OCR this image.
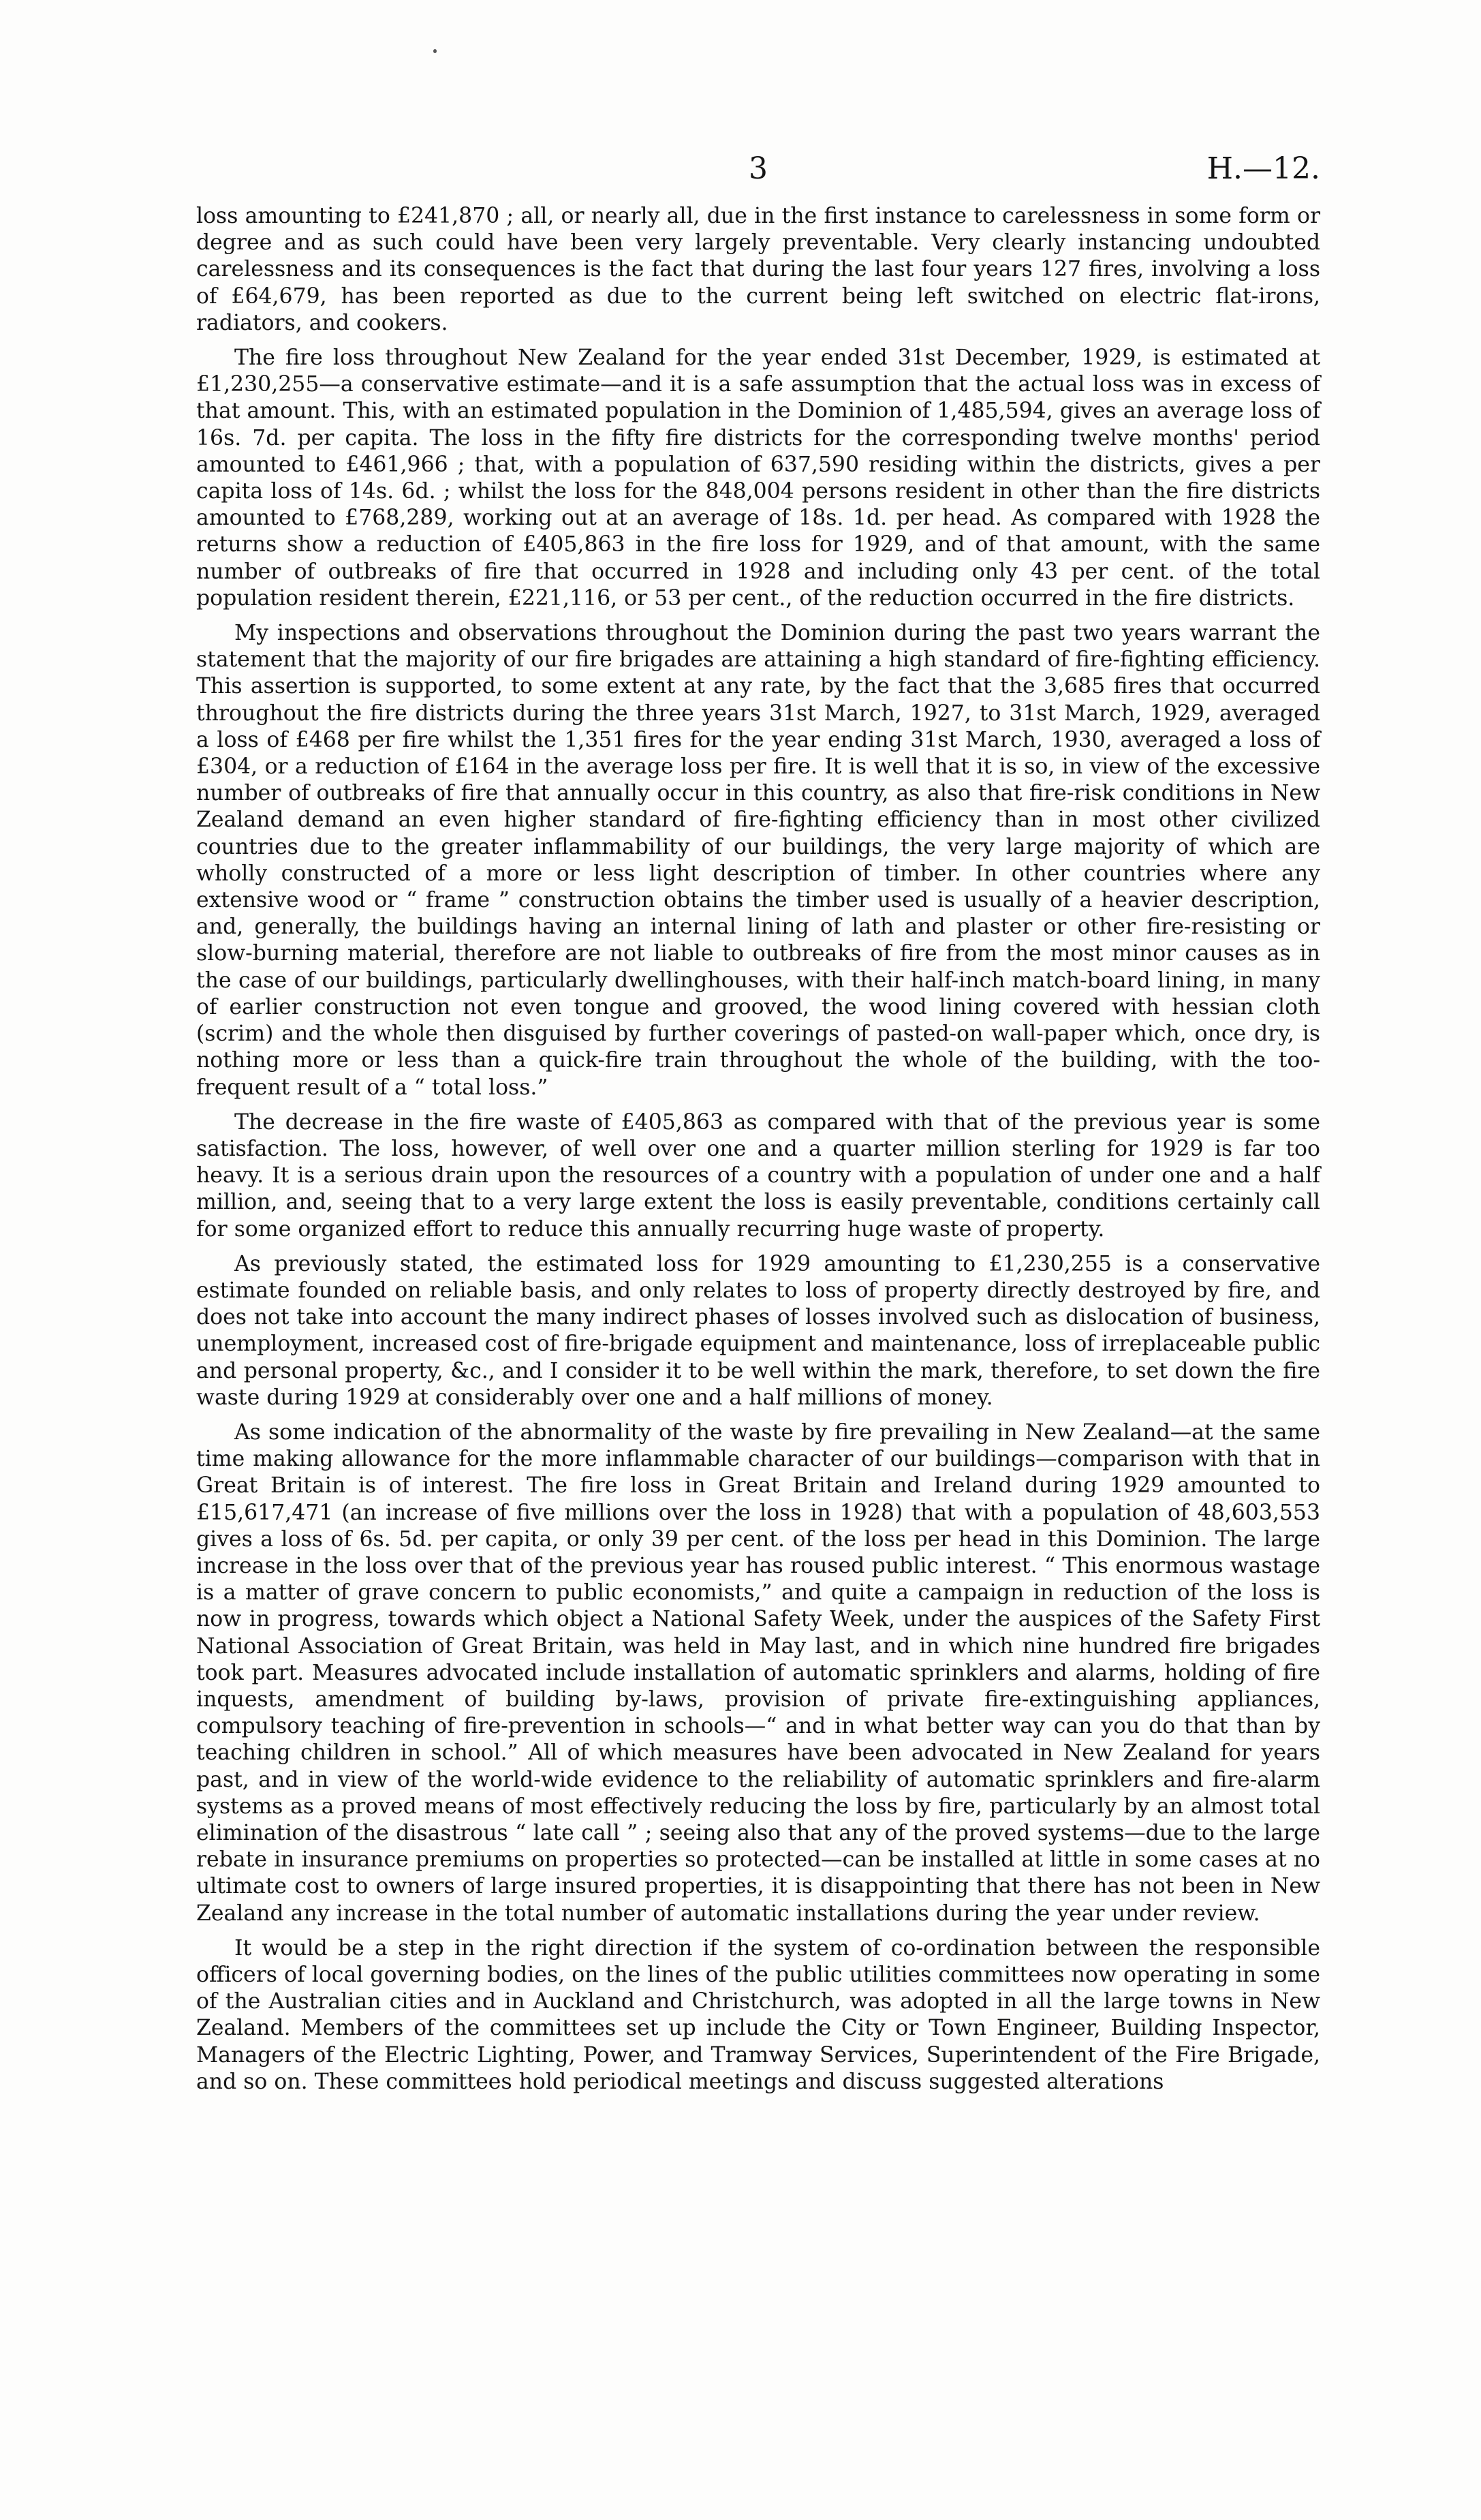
3	H.—12.

loss amounting to £241,870 ; all, or nearly all, due in the first instance to carelessness in some form or degree and as such could have been very largely preventable. Very clearly instancing undoubted carelessness and its consequences is the fact that during the last four years 127 fires, involving a loss of £64,679, has been reported as due to the current being left switched on electric flat-irons, radiators, and cookers.

The fire loss throughout New Zealand for the year ended 31st December, 1929, is estimated at £1,230,255—a conservative estimate—and it is a safe assumption that the actual loss was in excess of that amount. This, with an estimated population in the Dominion of 1,485,594, gives an average loss of 16s. 7d. per capita. The loss in the fifty fire districts for the corresponding twelve months' period amounted to £461,966 ; that, with a population of 637,590 residing within the districts, gives a per capita loss of 14s. 6d. ; whilst the loss for the 848,004 persons resident in other than the fire districts amounted to £768,289, working out at an average of 18s. 1d. per head. As compared with 1928 the returns show a reduction of £405,863 in the fire loss for 1929, and of that amount, with the same number of outbreaks of fire that occurred in 1928 and including only 43 per cent. of the total population resident therein, £221,116, or 53 per cent., of the reduction occurred in the fire districts.

My inspections and observations throughout the Dominion during the past two years warrant the statement that the majority of our fire brigades are attaining a high standard of fire-fighting efficiency. This assertion is supported, to some extent at any rate, by the fact that the 3,685 fires that occurred throughout the fire districts during the three years 31st March, 1927, to 31st March, 1929, averaged a loss of £468 per fire whilst the 1,351 fires for the year ending 31st March, 1930, averaged a loss of £304, or a reduction of £164 in the average loss per fire. It is well that it is so, in view of the excessive number of outbreaks of fire that annually occur in this country, as also that fire-risk conditions in New Zealand demand an even higher standard of fire-fighting efficiency than in most other civilized countries due to the greater inflammability of our buildings, the very large majority of which are wholly constructed of a more or less light description of timber. In other countries where any extensive wood or “ frame ” construction obtains the timber used is usually of a heavier description, and, generally, the buildings having an internal lining of lath and plaster or other fire-resisting or slow-burning material, therefore are not liable to outbreaks of fire from the most minor causes as in the case of our buildings, particularly dwellinghouses, with their half-inch match-board lining, in many of earlier construction not even tongue and grooved, the wood lining covered with hessian cloth (scrim) and the whole then disguised by further coverings of pasted-on wall-paper which, once dry, is nothing more or less than a quick-fire train throughout the whole of the building, with the too-frequent result of a “ total loss.”

The decrease in the fire waste of £405,863 as compared with that of the previous year is some satisfaction. The loss, however, of well over one and a quarter million sterling for 1929 is far too heavy. It is a serious drain upon the resources of a country with a population of under one and a half million, and, seeing that to a very large extent the loss is easily preventable, conditions certainly call for some organized effort to reduce this annually recurring huge waste of property.

As previously stated, the estimated loss for 1929 amounting to £1,230,255 is a conservative estimate founded on reliable basis, and only relates to loss of property directly destroyed by fire, and does not take into account the many indirect phases of losses involved such as dislocation of business, unemployment, increased cost of fire-brigade equipment and maintenance, loss of irreplaceable public and personal property, &c., and I consider it to be well within the mark, therefore, to set down the fire waste during 1929 at considerably over one and a half millions of money.

As some indication of the abnormality of the waste by fire prevailing in New Zealand—at the same time making allowance for the more inflammable character of our buildings—comparison with that in Great Britain is of interest. The fire loss in Great Britain and Ireland during 1929 amounted to £15,617,471 (an increase of five millions over the loss in 1928) that with a population of 48,603,553 gives a loss of 6s. 5d. per capita, or only 39 per cent. of the loss per head in this Dominion. The large increase in the loss over that of the previous year has roused public interest. “ This enormous wastage is a matter of grave concern to public economists,” and quite a campaign in reduction of the loss is now in progress, towards which object a National Safety Week, under the auspices of the Safety First National Association of Great Britain, was held in May last, and in which nine hundred fire brigades took part. Measures advocated include installation of automatic sprinklers and alarms, holding of fire inquests, amendment of building by-laws, provision of private fire-extinguishing appliances, compulsory teaching of fire-prevention in schools—“ and in what better way can you do that than by teaching children in school.” All of which measures have been advocated in New Zealand for years past, and in view of the world-wide evidence to the reliability of automatic sprinklers and fire-alarm systems as a proved means of most effectively reducing the loss by fire, particularly by an almost total elimination of the disastrous “ late call ” ; seeing also that any of the proved systems—due to the large rebate in insurance premiums on properties so protected—can be installed at little in some cases at no ultimate cost to owners of large insured properties, it is disappointing that there has not been in New Zealand any increase in the total number of automatic installations during the year under review.

It would be a step in the right direction if the system of co-ordination between the responsible officers of local governing bodies, on the lines of the public utilities committees now operating in some of the Australian cities and in Auckland and Christchurch, was adopted in all the large towns in New Zealand. Members of the committees set up include the City or Town Engineer, Building Inspector, Managers of the Electric Lighting, Power, and Tramway Services, Superintendent of the Fire Brigade, and so on. These committees hold periodical meetings and discuss suggested alterations
